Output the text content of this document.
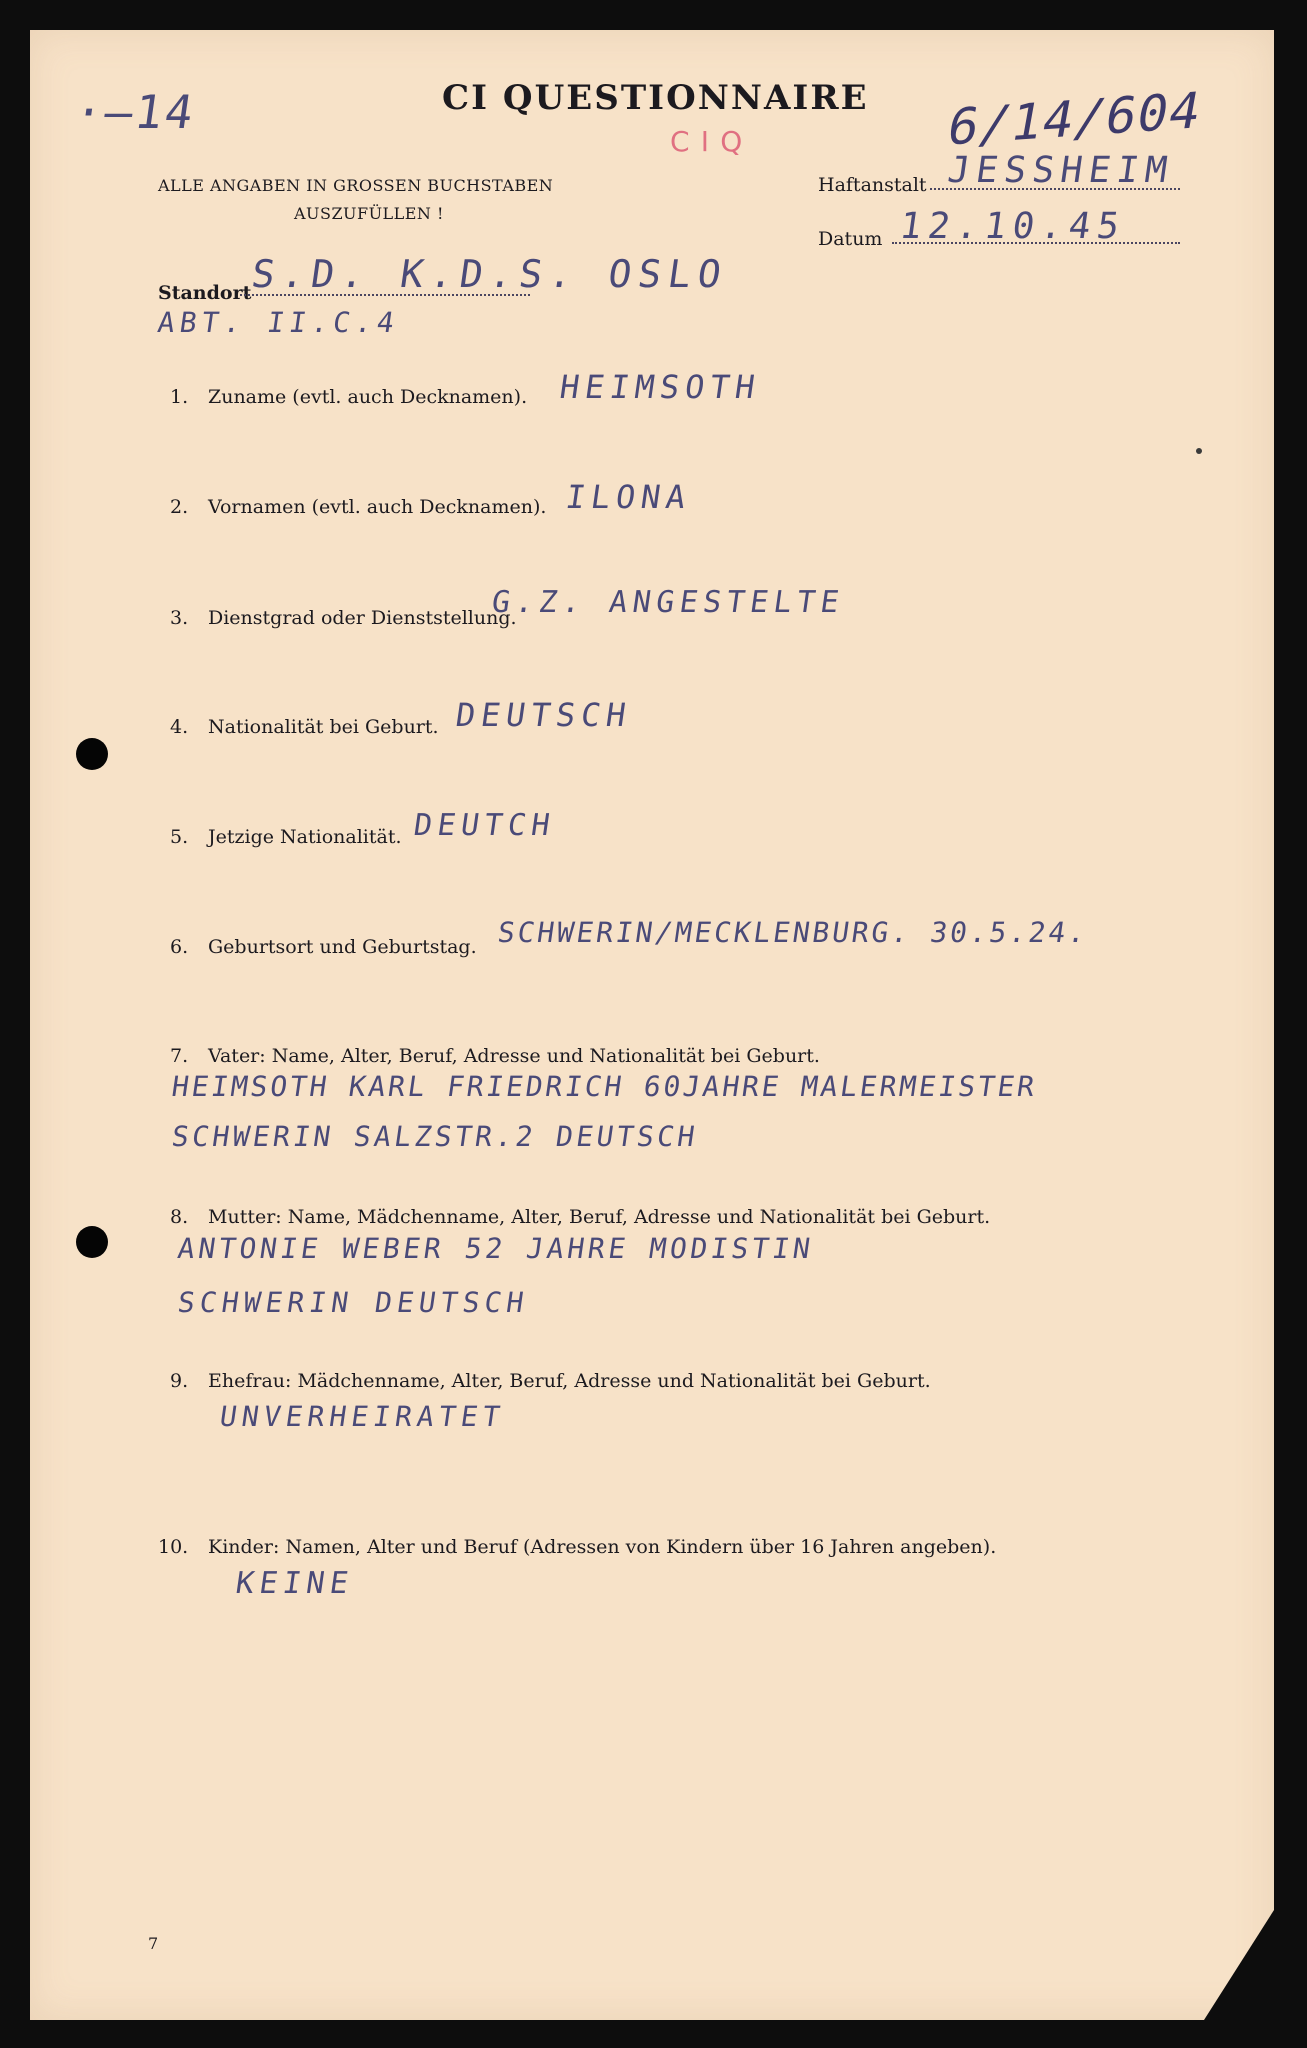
·–14	CI QUESTIONNAIRE
CIQ	6/14/604
ALLE ANGABEN IN GROSSEN BUCHSTABEN
AUSZUFÜLLEN !
Haftanstalt JESSHEIM
Datum 12.10.45
Standort
S.D. K.D.S. OSLO
ABT. II.C.4
1. Zuname (evtl. auch Decknamen). HEIMSOTH
2. Vornamen (evtl. auch Decknamen). ILONA
3. Dienstgrad oder Dienststellung.
G.Z. ANGESTELTE
4. Nationalität bei Geburt. DEUTSCH
5. Jetzige Nationalität. DEUTCH
6. Geburtsort und Geburtstag. SCHWERIN/MECKLENBURG. 30.5.24.
7. Vater: Name, Alter, Beruf, Adresse und Nationalität bei Geburt.
HEIMSOTH KARL FRIEDRICH 60JAHRE MALERMEISTER
SCHWERIN SALZSTR.2 DEUTSCH
8. Mutter: Name, Mädchenname, Alter, Beruf, Adresse und Nationalität bei Geburt.
ANTONIE WEBER 52 JAHRE MODISTIN
SCHWERIN DEUTSCH
9. Ehefrau: Mädchenname, Alter, Beruf, Adresse und Nationalität bei Geburt.
UNVERHEIRATET
10. Kinder: Namen, Alter und Beruf (Adressen von Kindern über 16 Jahren angeben).
KEINE
7
